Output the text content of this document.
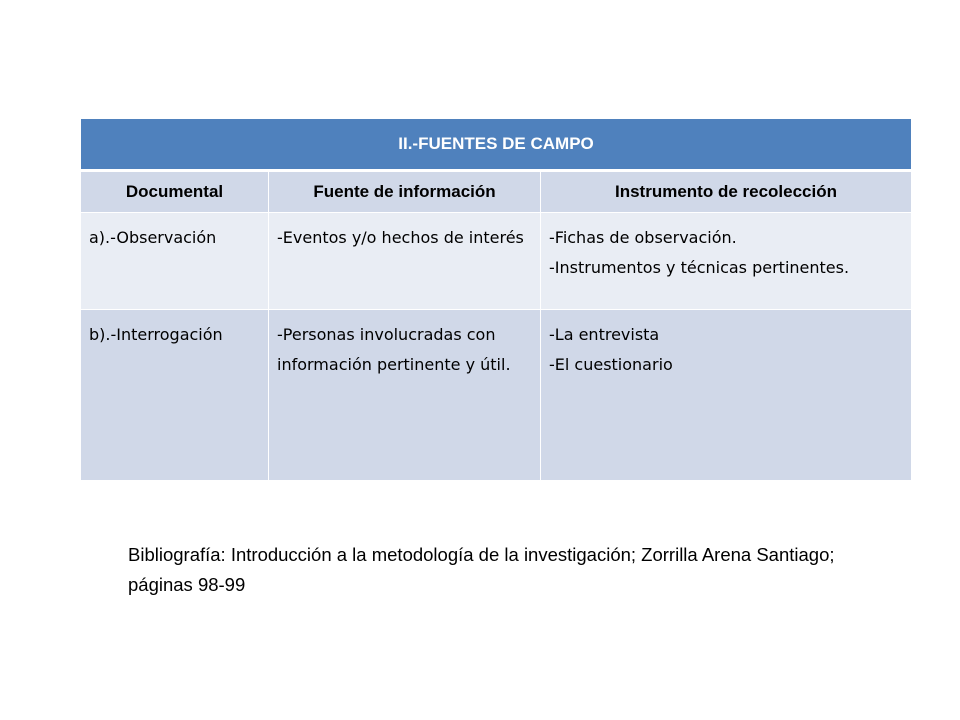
II.-FUENTES DE CAMPO		
Documental	Fuente de información	Instrumento de recolección

a).-Observación	-Eventos y/o hechos de interés	-Fichas de observación.
-Instrumentos y técnicas pertinentes.

b).-Interrogación	-Personas involucradas con información pertinente y útil.	-La entrevista
-El cuestionario
Bibliografía: Introducción a la metodología de la investigación; Zorrilla Arena Santiago; páginas 98-99
